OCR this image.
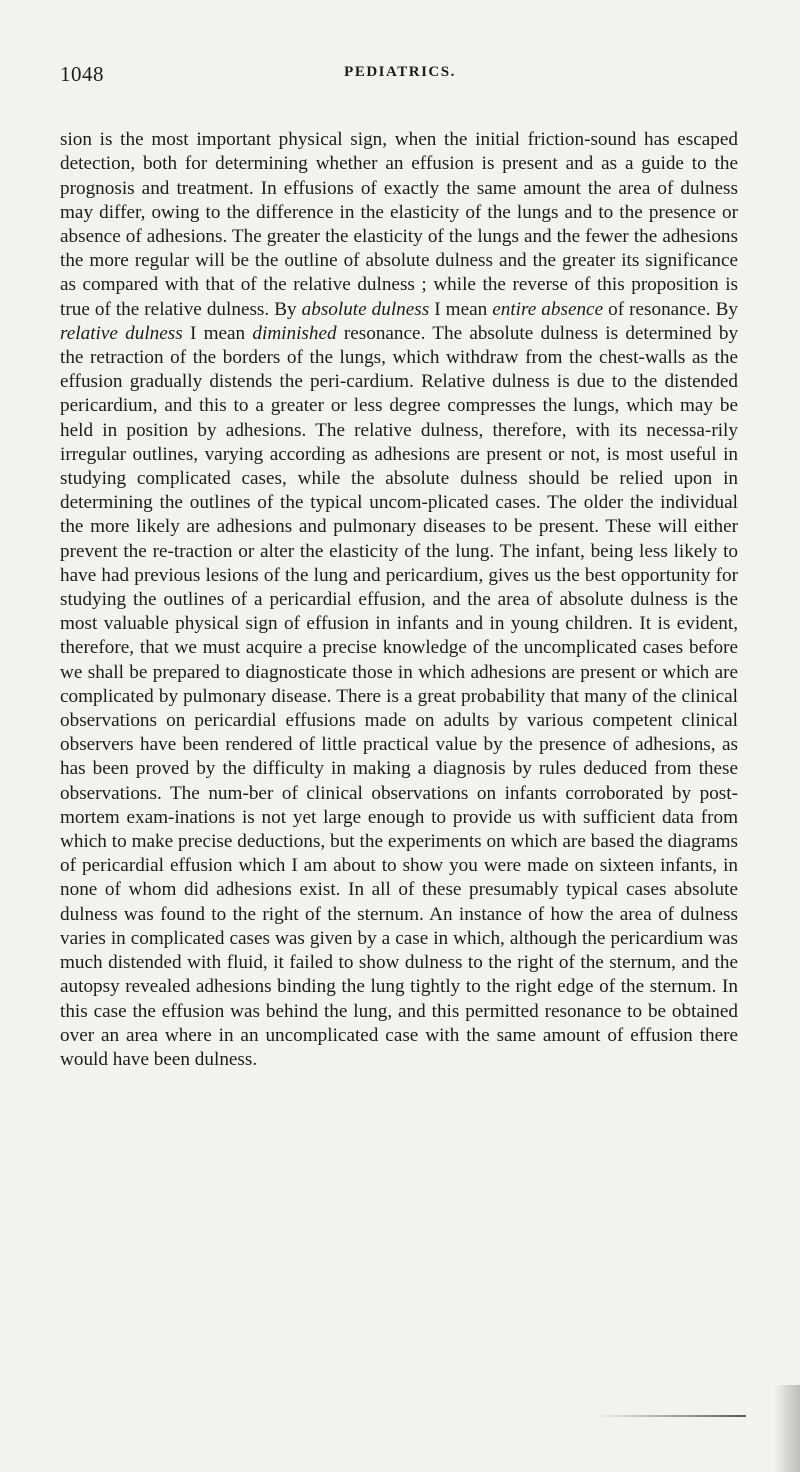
1048	PEDIATRICS.

sion is the most important physical sign, when the initial friction-sound has escaped detection, both for determining whether an effusion is present and as a guide to the prognosis and treatment. In effusions of exactly the same amount the area of dulness may differ, owing to the difference in the elasticity of the lungs and to the presence or absence of adhesions. The greater the elasticity of the lungs and the fewer the adhesions the more regular will be the outline of absolute dulness and the greater its significance as compared with that of the relative dulness ; while the reverse of this proposition is true of the relative dulness. By absolute dulness I mean entire absence of resonance. By relative dulness I mean diminished resonance. The absolute dulness is determined by the retraction of the borders of the lungs, which withdraw from the chest-walls as the effusion gradually distends the peri-cardium. Relative dulness is due to the distended pericardium, and this to a greater or less degree compresses the lungs, which may be held in position by adhesions. The relative dulness, therefore, with its necessa-rily irregular outlines, varying according as adhesions are present or not, is most useful in studying complicated cases, while the absolute dulness should be relied upon in determining the outlines of the typical uncom-plicated cases. The older the individual the more likely are adhesions and pulmonary diseases to be present. These will either prevent the re-traction or alter the elasticity of the lung. The infant, being less likely to have had previous lesions of the lung and pericardium, gives us the best opportunity for studying the outlines of a pericardial effusion, and the area of absolute dulness is the most valuable physical sign of effusion in infants and in young children. It is evident, therefore, that we must acquire a precise knowledge of the uncomplicated cases before we shall be prepared to diagnosticate those in which adhesions are present or which are complicated by pulmonary disease. There is a great probability that many of the clinical observations on pericardial effusions made on adults by various competent clinical observers have been rendered of little practical value by the presence of adhesions, as has been proved by the difficulty in making a diagnosis by rules deduced from these observations. The num-ber of clinical observations on infants corroborated by post-mortem exam-inations is not yet large enough to provide us with sufficient data from which to make precise deductions, but the experiments on which are based the diagrams of pericardial effusion which I am about to show you were made on sixteen infants, in none of whom did adhesions exist. In all of these presumably typical cases absolute dulness was found to the right of the sternum. An instance of how the area of dulness varies in complicated cases was given by a case in which, although the pericardium was much distended with fluid, it failed to show dulness to the right of the sternum, and the autopsy revealed adhesions binding the lung tightly to the right edge of the sternum. In this case the effusion was behind the lung, and this permitted resonance to be obtained over an area where in an uncomplicated case with the same amount of effusion there would have been dulness.
